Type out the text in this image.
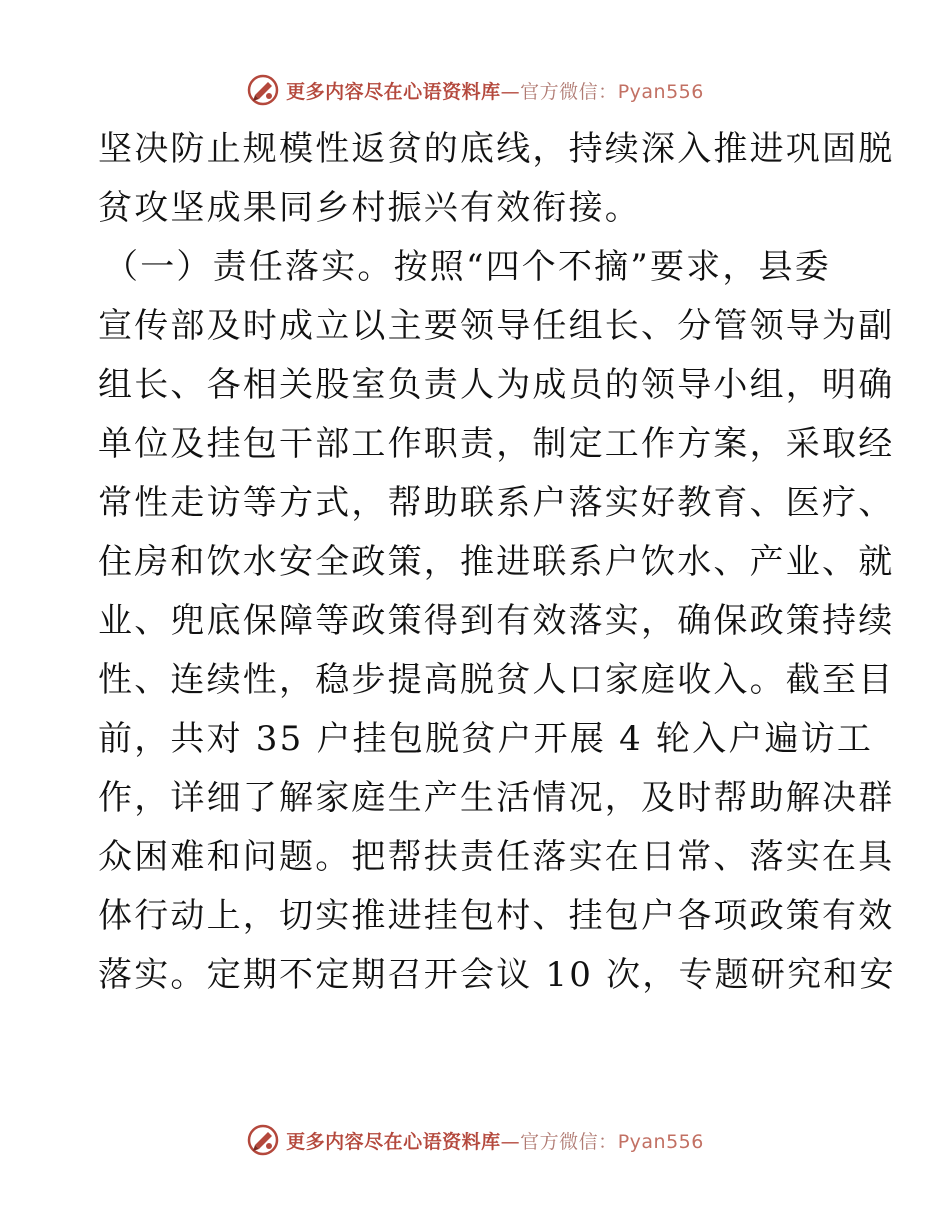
更多内容尽在心语资料库—官方微信：Pyan556
坚决防止规模性返贫的底线，持续深入推进巩固脱
贫攻坚成果同乡村振兴有效衔接。
（一）责任落实。按照“四个不摘”要求，县委
宣传部及时成立以主要领导任组长、分管领导为副
组长、各相关股室负责人为成员的领导小组，明确
单位及挂包干部工作职责，制定工作方案，采取经
常性走访等方式，帮助联系户落实好教育、医疗、
住房和饮水安全政策，推进联系户饮水、产业、就
业、兜底保障等政策得到有效落实，确保政策持续
性、连续性，稳步提高脱贫人口家庭收入。截至目
前，共对 35 户挂包脱贫户开展 4 轮入户遍访工
作，详细了解家庭生产生活情况，及时帮助解决群
众困难和问题。把帮扶责任落实在日常、落实在具
体行动上，切实推进挂包村、挂包户各项政策有效
落实。定期不定期召开会议 10 次，专题研究和安
更多内容尽在心语资料库—官方微信：Pyan556
